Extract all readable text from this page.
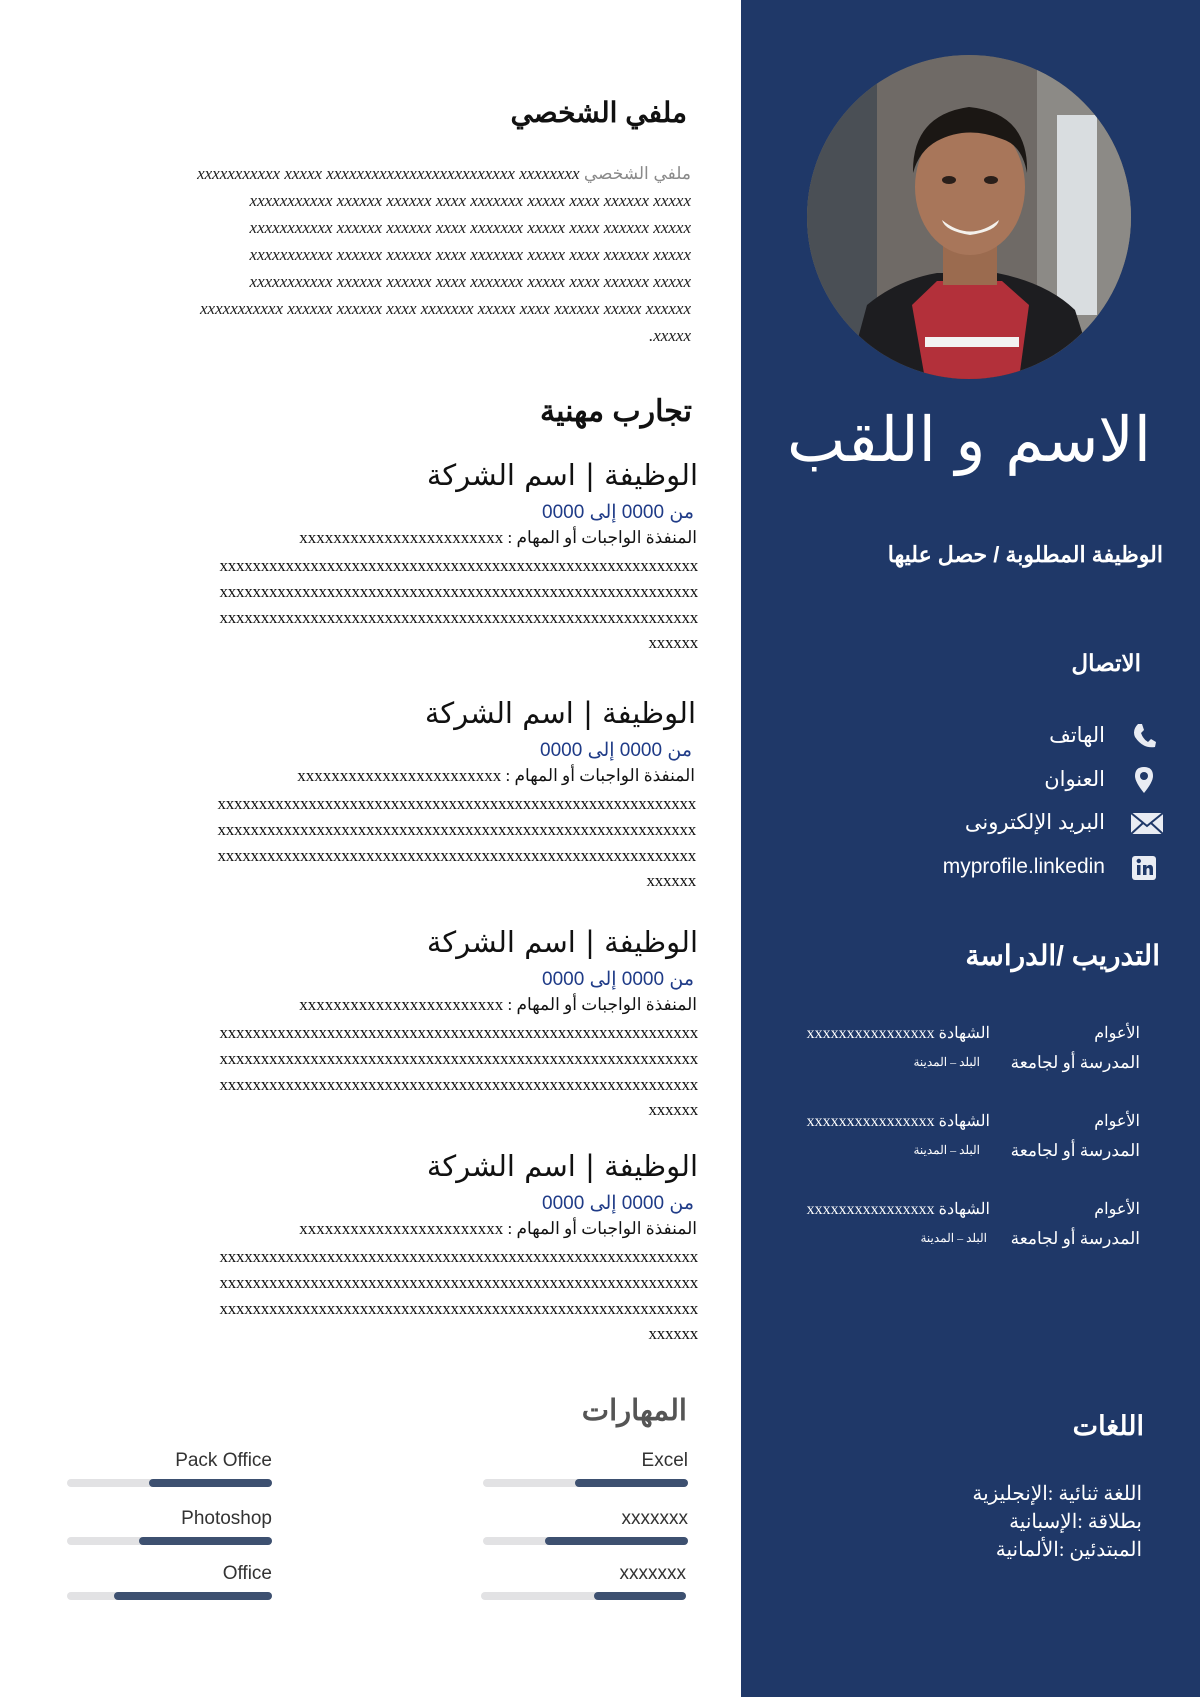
الاسم و اللقب
الوظيفة المطلوبة / حصل عليها
الاتصال
الهاتف
العنوان
البريد الإلكترونى
myprofile.linkedin
التدريب /الدراسة
الأعوام
المدرسة أو لجامعة
الشهادة xxxxxxxxxxxxxxxx
البلد – المدينة
الأعوام
المدرسة أو لجامعة
الشهادة xxxxxxxxxxxxxxxx
البلد – المدينة
الأعوام
المدرسة أو لجامعة
الشهادة xxxxxxxxxxxxxxxx
البلد – المدينة
اللغات
اللغة ثنائية :الإنجليزية
بطلاقة :الإسبانية
المبتدئين :الألمانية
ملفي الشخصي
ملفي الشخصي xxxxxxxxxxx xxxxx xxxxxxxxxxxxxxxxxxxxxxxxx xxxxxxxx
xxxxxxxxxxx xxxxxx xxxxxx xxxx xxxxxxx xxxxx xxxx xxxxxx xxxxx
xxxxxxxxxxx xxxxxx xxxxxx xxxx xxxxxxx xxxxx xxxx xxxxxx xxxxx
xxxxxxxxxxx xxxxxx xxxxxx xxxx xxxxxxx xxxxx xxxx xxxxxx xxxxx
xxxxxxxxxxx xxxxxx xxxxxx xxxx xxxxxxx xxxxx xxxx xxxxxx xxxxx
xxxxxxxxxxx xxxxxx xxxxxx xxxx xxxxxxx xxxxx xxxx xxxxxx xxxxx xxxxxx
xxxxx.
تجارب مهنية
الوظيفة | اسم الشركة
من 0000 إلى 0000
المنفذة الواجبات أو المهام : xxxxxxxxxxxxxxxxxxxxxxxx
xxxxxxxxxxxxxxxxxxxxxxxxxxxxxxxxxxxxxxxxxxxxxxxxxxxxxxxxxx
xxxxxxxxxxxxxxxxxxxxxxxxxxxxxxxxxxxxxxxxxxxxxxxxxxxxxxxxxx
xxxxxxxxxxxxxxxxxxxxxxxxxxxxxxxxxxxxxxxxxxxxxxxxxxxxxxxxxx
xxxxxx
الوظيفة | اسم الشركة
من 0000 إلى 0000
المنفذة الواجبات أو المهام : xxxxxxxxxxxxxxxxxxxxxxxx
xxxxxxxxxxxxxxxxxxxxxxxxxxxxxxxxxxxxxxxxxxxxxxxxxxxxxxxxxx
xxxxxxxxxxxxxxxxxxxxxxxxxxxxxxxxxxxxxxxxxxxxxxxxxxxxxxxxxx
xxxxxxxxxxxxxxxxxxxxxxxxxxxxxxxxxxxxxxxxxxxxxxxxxxxxxxxxxx
xxxxxx
الوظيفة | اسم الشركة
من 0000 إلى 0000
المنفذة الواجبات أو المهام : xxxxxxxxxxxxxxxxxxxxxxxx
xxxxxxxxxxxxxxxxxxxxxxxxxxxxxxxxxxxxxxxxxxxxxxxxxxxxxxxxxx
xxxxxxxxxxxxxxxxxxxxxxxxxxxxxxxxxxxxxxxxxxxxxxxxxxxxxxxxxx
xxxxxxxxxxxxxxxxxxxxxxxxxxxxxxxxxxxxxxxxxxxxxxxxxxxxxxxxxx
xxxxxx
الوظيفة | اسم الشركة
من 0000 إلى 0000
المنفذة الواجبات أو المهام : xxxxxxxxxxxxxxxxxxxxxxxx
xxxxxxxxxxxxxxxxxxxxxxxxxxxxxxxxxxxxxxxxxxxxxxxxxxxxxxxxxx
xxxxxxxxxxxxxxxxxxxxxxxxxxxxxxxxxxxxxxxxxxxxxxxxxxxxxxxxxx
xxxxxxxxxxxxxxxxxxxxxxxxxxxxxxxxxxxxxxxxxxxxxxxxxxxxxxxxxx
xxxxxx
المهارات
Excel
xxxxxxx
xxxxxxx
Pack Office
Photoshop
Office
